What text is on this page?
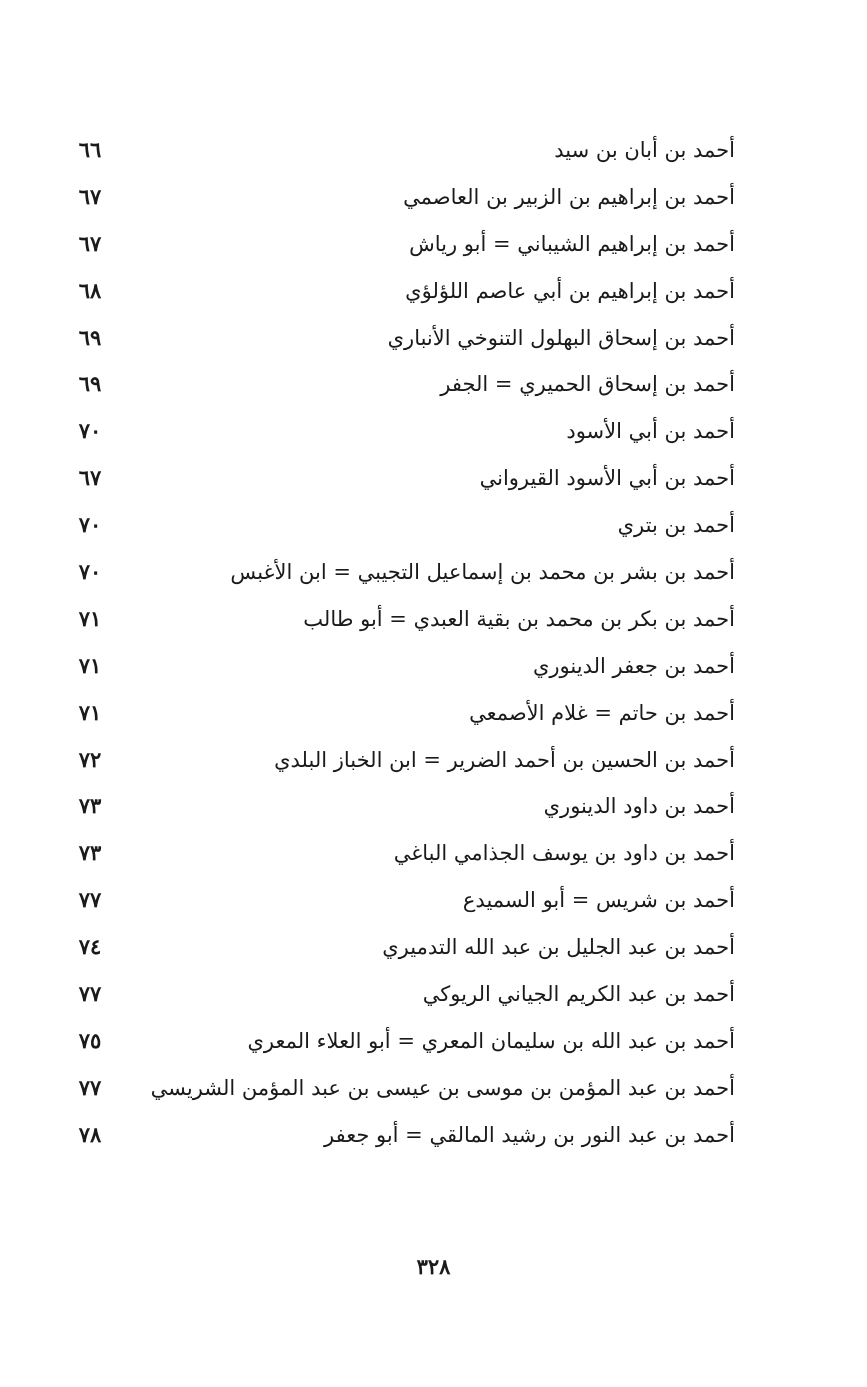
أحمد بن أبان بن سيد
٦٦
أحمد بن إبراهيم بن الزبير بن العاصمي
٦٧
أحمد بن إبراهيم الشيباني = أبو رياش
٦٧
أحمد بن إبراهيم بن أبي عاصم اللؤلؤي
٦٨
أحمد بن إسحاق البهلول التنوخي الأنباري
٦٩
أحمد بن إسحاق الحميري = الجفر
٦٩
أحمد بن أبي الأسود
٧٠
أحمد بن أبي الأسود القيرواني
٦٧
أحمد بن بتري
٧٠
أحمد بن بشر بن محمد بن إسماعيل التجيبي = ابن الأغبس
٧٠
أحمد بن بكر بن محمد بن بقية العبدي = أبو طالب
٧١
أحمد بن جعفر الدينوري
٧١
أحمد بن حاتم = غلام الأصمعي
٧١
أحمد بن الحسين بن أحمد الضرير = ابن الخباز البلدي
٧٢
أحمد بن داود الدينوري
٧٣
أحمد بن داود بن يوسف الجذامي الباغي
٧٣
أحمد بن شريس = أبو السميدع
٧٧
أحمد بن عبد الجليل بن عبد الله التدميري
٧٤
أحمد بن عبد الكريم الجياني الريوكي
٧٧
أحمد بن عبد الله بن سليمان المعري = أبو العلاء المعري
٧٥
أحمد بن عبد المؤمن بن موسى بن عيسى بن عبد المؤمن الشريسي
٧٧
أحمد بن عبد النور بن رشيد المالقي = أبو جعفر
٧٨
٣٢٨
